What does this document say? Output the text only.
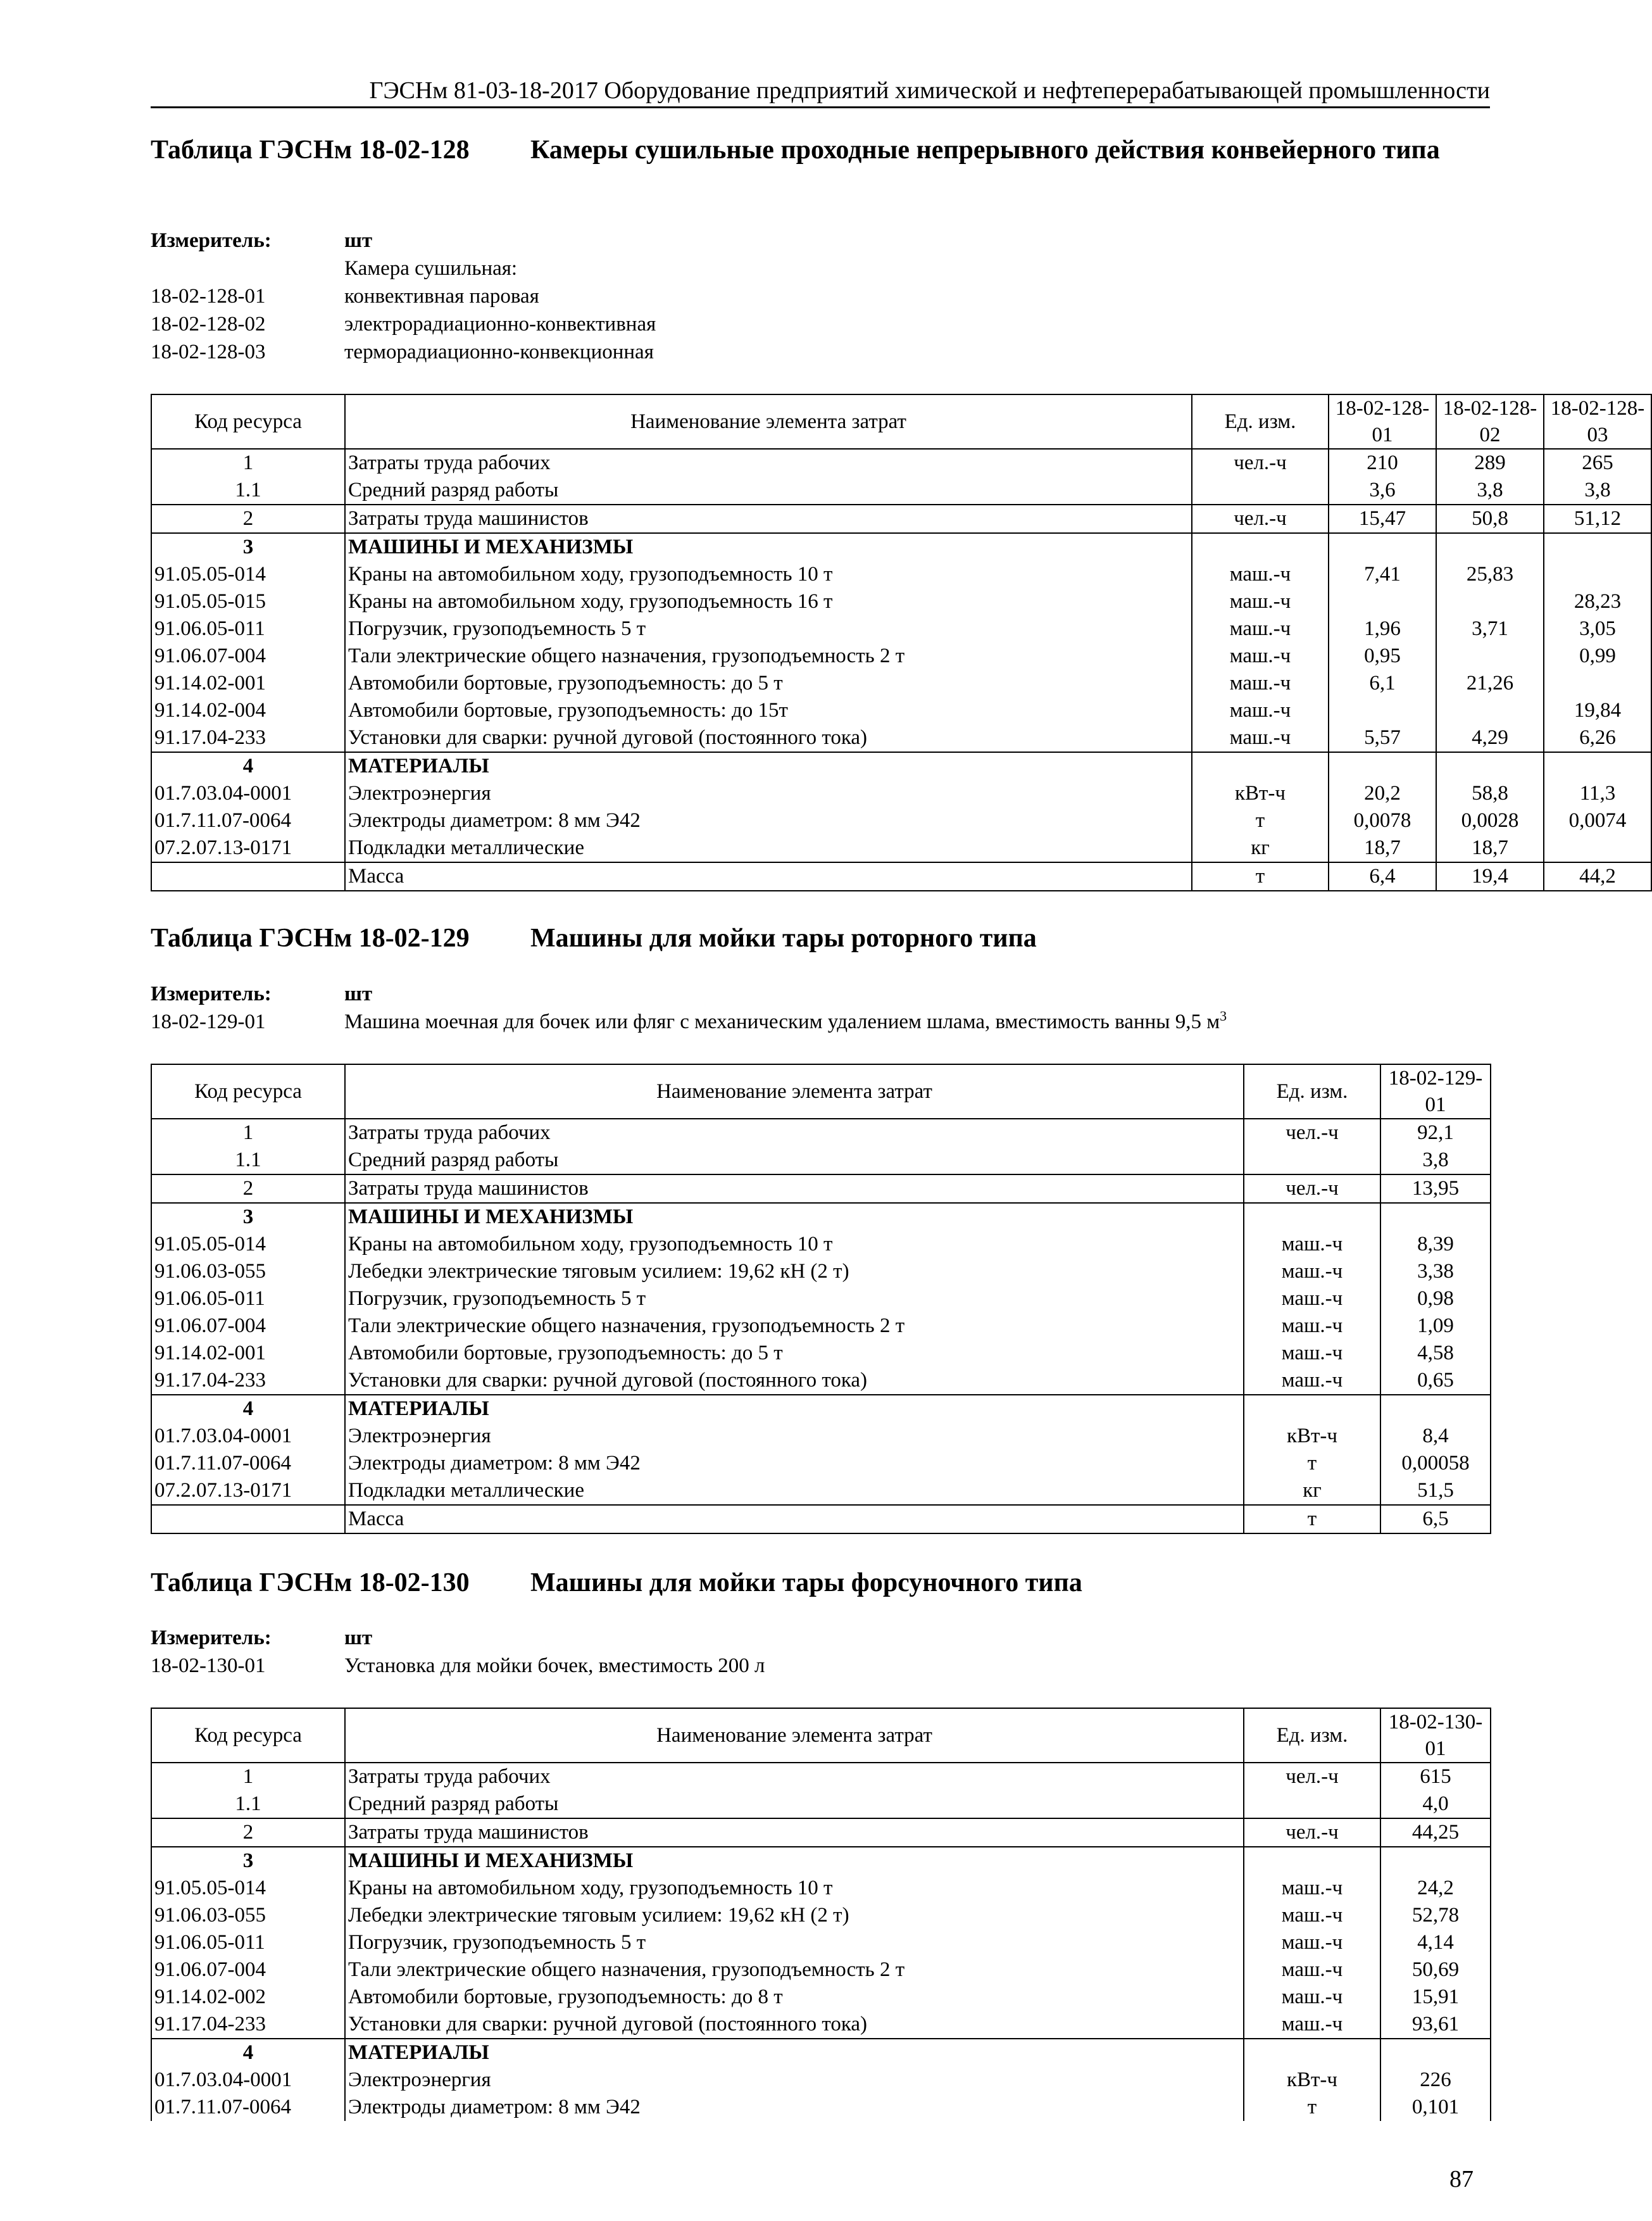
ГЭСНм 81-03-18-2017 Оборудование предприятий химической и нефтеперерабатывающей промышленности
Таблица ГЭСНм 18-02-128 Камеры сушильные проходные непрерывного действия конвейерного типа
Измеритель:	шт
Камера сушильная:
18-02-128-01	конвективная паровая
18-02-128-02	электрорадиационно-конвективная
18-02-128-03	терморадиационно-конвекционная
Код ресурса	Наименование элемента затрат	Ед. изм.	18-02-128-01	18-02-128-02	18-02-128-03
1	Затраты труда рабочих	чел.-ч	210	289	265
1.1	Средний разряд работы		3,6	3,8	3,8
2	Затраты труда машинистов	чел.-ч	15,47	50,8	51,12
3	МАШИНЫ И МЕХАНИЗМЫ				
91.05.05-014	Краны на автомобильном ходу, грузоподъемность 10 т	маш.-ч	7,41	25,83	
91.05.05-015	Краны на автомобильном ходу, грузоподъемность 16 т	маш.-ч			28,23
91.06.05-011	Погрузчик, грузоподъемность 5 т	маш.-ч	1,96	3,71	3,05
91.06.07-004	Тали электрические общего назначения, грузоподъемность 2 т	маш.-ч	0,95		0,99
91.14.02-001	Автомобили бортовые, грузоподъемность: до 5 т	маш.-ч	6,1	21,26	
91.14.02-004	Автомобили бортовые, грузоподъемность: до 15т	маш.-ч			19,84
91.17.04-233	Установки для сварки: ручной дуговой (постоянного тока)	маш.-ч	5,57	4,29	6,26
4	МАТЕРИАЛЫ				
01.7.03.04-0001	Электроэнергия	кВт-ч	20,2	58,8	11,3
01.7.11.07-0064	Электроды диаметром: 8 мм Э42	т	0,0078	0,0028	0,0074
07.2.07.13-0171	Подкладки металлические	кг	18,7	18,7	
	Масса	т	6,4	19,4	44,2
Таблица ГЭСНм 18-02-129 Машины для мойки тары роторного типа
Измеритель:	шт
18-02-129-01	Машина моечная для бочек или фляг с механическим удалением шлама, вместимость ванны 9,5 $м^3$
Код ресурса	Наименование элемента затрат	Ед. изм.	18-02-129-01
1	Затраты труда рабочих	чел.-ч	92,1
1.1	Средний разряд работы		3,8
2	Затраты труда машинистов	чел.-ч	13,95
3	МАШИНЫ И МЕХАНИЗМЫ		
91.05.05-014	Краны на автомобильном ходу, грузоподъемность 10 т	маш.-ч	8,39
91.06.03-055	Лебедки электрические тяговым усилием: 19,62 кН (2 т)	маш.-ч	3,38
91.06.05-011	Погрузчик, грузоподъемность 5 т	маш.-ч	0,98
91.06.07-004	Тали электрические общего назначения, грузоподъемность 2 т	маш.-ч	1,09
91.14.02-001	Автомобили бортовые, грузоподъемность: до 5 т	маш.-ч	4,58
91.17.04-233	Установки для сварки: ручной дуговой (постоянного тока)	маш.-ч	0,65
4	МАТЕРИАЛЫ		
01.7.03.04-0001	Электроэнергия	кВт-ч	8,4
01.7.11.07-0064	Электроды диаметром: 8 мм Э42	т	0,00058
07.2.07.13-0171	Подкладки металлические	кг	51,5
	Масса	т	6,5
Таблица ГЭСНм 18-02-130 Машины для мойки тары форсуночного типа
Измеритель:	шт
18-02-130-01	Установка для мойки бочек, вместимость 200 л
Код ресурса	Наименование элемента затрат	Ед. изм.	18-02-130-01
1	Затраты труда рабочих	чел.-ч	615
1.1	Средний разряд работы		4,0
2	Затраты труда машинистов	чел.-ч	44,25
3	МАШИНЫ И МЕХАНИЗМЫ		
91.05.05-014	Краны на автомобильном ходу, грузоподъемность 10 т	маш.-ч	24,2
91.06.03-055	Лебедки электрические тяговым усилием: 19,62 кН (2 т)	маш.-ч	52,78
91.06.05-011	Погрузчик, грузоподъемность 5 т	маш.-ч	4,14
91.06.07-004	Тали электрические общего назначения, грузоподъемность 2 т	маш.-ч	50,69
91.14.02-002	Автомобили бортовые, грузоподъемность: до 8 т	маш.-ч	15,91
91.17.04-233	Установки для сварки: ручной дуговой (постоянного тока)	маш.-ч	93,61
4	МАТЕРИАЛЫ		
01.7.03.04-0001	Электроэнергия	кВт-ч	226
01.7.11.07-0064	Электроды диаметром: 8 мм Э42	т	0,101
87
